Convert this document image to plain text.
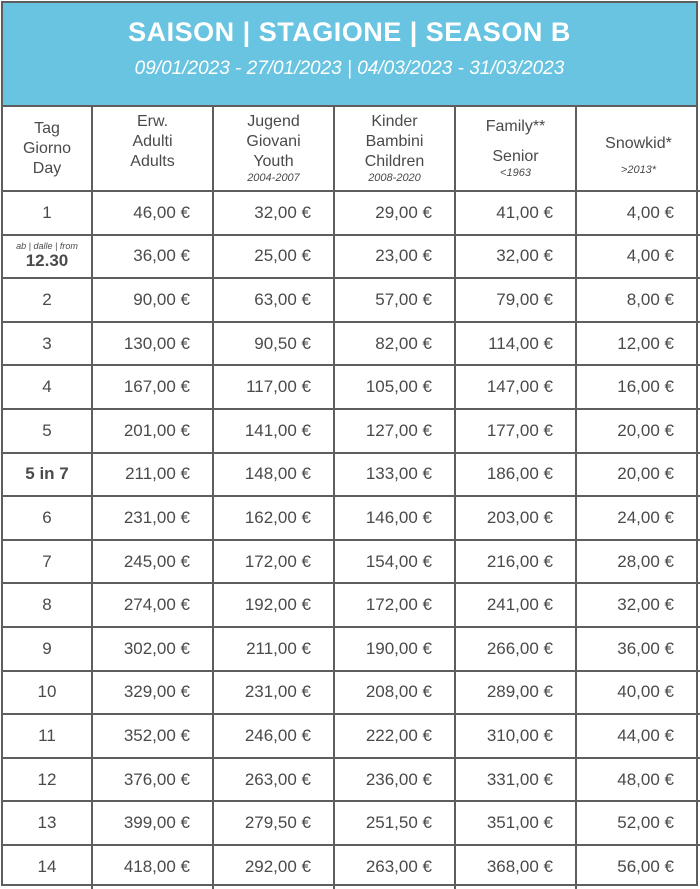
SAISON | STAGIONE | SEASON B
09/01/2023 - 27/01/2023 | 04/03/2023 - 31/03/2023
Tag
Giorno
Day	Erw.
Adulti
Adults	Jugend
Giovani
Youth
2004-2007	Kinder
Bambini
Children
2008-2020	Family**
Senior
<1963	Snowkid*
>2013*

1	46,00 €	32,00 €	29,00 €	41,00 €	4,00 €

ab | dalle | from
12.30	36,00 €	25,00 €	23,00 €	32,00 €	4,00 €
2	90,00 €	63,00 €	57,00 €	79,00 €	8,00 €
3	130,00 €	90,50 €	82,00 €	114,00 €	12,00 €
4	167,00 €	117,00 €	105,00 €	147,00 €	16,00 €
5	201,00 €	141,00 €	127,00 €	177,00 €	20,00 €
5 in 7	211,00 €	148,00 €	133,00 €	186,00 €	20,00 €
6	231,00 €	162,00 €	146,00 €	203,00 €	24,00 €
7	245,00 €	172,00 €	154,00 €	216,00 €	28,00 €
8	274,00 €	192,00 €	172,00 €	241,00 €	32,00 €
9	302,00 €	211,00 €	190,00 €	266,00 €	36,00 €
10	329,00 €	231,00 €	208,00 €	289,00 €	40,00 €
11	352,00 €	246,00 €	222,00 €	310,00 €	44,00 €
12	376,00 €	263,00 €	236,00 €	331,00 €	48,00 €
13	399,00 €	279,50 €	251,50 €	351,00 €	52,00 €
14	418,00 €	292,00 €	263,00 €	368,00 €	56,00 €
